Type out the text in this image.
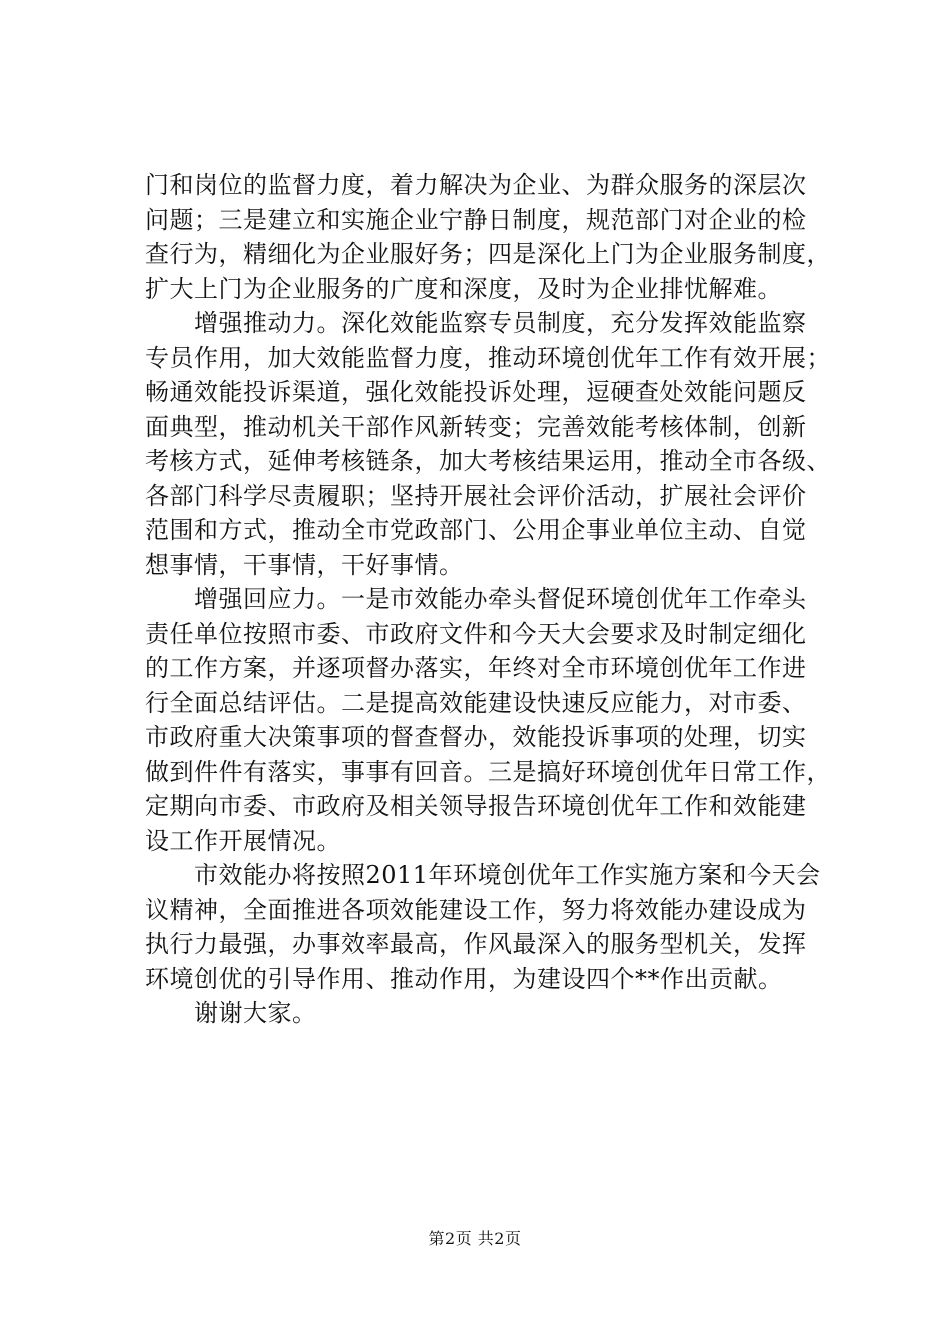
门和岗位的监督力度，着力解决为企业、为群众服务的深层次
问题；三是建立和实施企业宁静日制度，规范部门对企业的检
查行为，精细化为企业服好务；四是深化上门为企业服务制度，
扩大上门为企业服务的广度和深度，及时为企业排忧解难。
　　增强推动力。深化效能监察专员制度，充分发挥效能监察
专员作用，加大效能监督力度，推动环境创优年工作有效开展；
畅通效能投诉渠道，强化效能投诉处理，逗硬查处效能问题反
面典型，推动机关干部作风新转变；完善效能考核体制，创新
考核方式，延伸考核链条，加大考核结果运用，推动全市各级、
各部门科学尽责履职；坚持开展社会评价活动，扩展社会评价
范围和方式，推动全市党政部门、公用企事业单位主动、自觉
想事情，干事情，干好事情。
　　增强回应力。一是市效能办牵头督促环境创优年工作牵头
责任单位按照市委、市政府文件和今天大会要求及时制定细化
的工作方案，并逐项督办落实，年终对全市环境创优年工作进
行全面总结评估。二是提高效能建设快速反应能力，对市委、
市政府重大决策事项的督查督办，效能投诉事项的处理，切实
做到件件有落实，事事有回音。三是搞好环境创优年日常工作，
定期向市委、市政府及相关领导报告环境创优年工作和效能建
设工作开展情况。
　　市效能办将按照2011年环境创优年工作实施方案和今天会
议精神，全面推进各项效能建设工作，努力将效能办建设成为
执行力最强，办事效率最高，作风最深入的服务型机关，发挥
环境创优的引导作用、推动作用，为建设四个**作出贡献。
　　谢谢大家。
第2页 共2页
